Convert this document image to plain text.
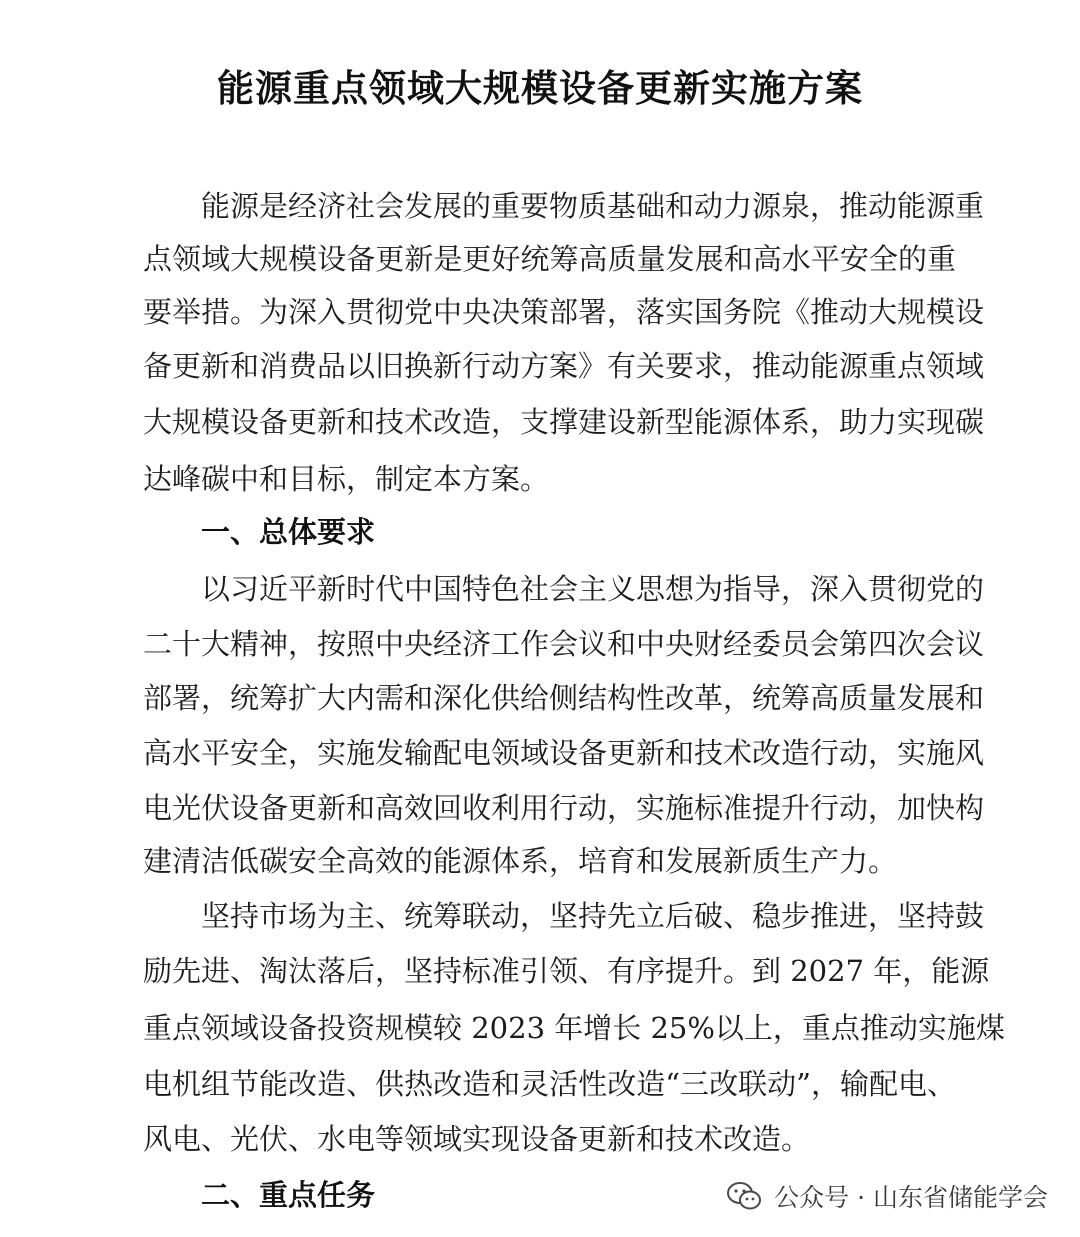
能源重点领域大规模设备更新实施方案
能源是经济社会发展的重要物质基础和动力源泉，推动能源重
点领域大规模设备更新是更好统筹高质量发展和高水平安全的重
要举措。为深入贯彻党中央决策部署，落实国务院《推动大规模设
备更新和消费品以旧换新行动方案》有关要求，推动能源重点领域
大规模设备更新和技术改造，支撑建设新型能源体系，助力实现碳
达峰碳中和目标，制定本方案。
一、总体要求
以习近平新时代中国特色社会主义思想为指导，深入贯彻党的
二十大精神，按照中央经济工作会议和中央财经委员会第四次会议
部署，统筹扩大内需和深化供给侧结构性改革，统筹高质量发展和
高水平安全，实施发输配电领域设备更新和技术改造行动，实施风
电光伏设备更新和高效回收利用行动，实施标准提升行动，加快构
建清洁低碳安全高效的能源体系，培育和发展新质生产力。
坚持市场为主、统筹联动，坚持先立后破、稳步推进，坚持鼓
励先进、淘汰落后，坚持标准引领、有序提升。到 2027 年，能源
重点领域设备投资规模较 2023 年增长 25%以上，重点推动实施煤
电机组节能改造、供热改造和灵活性改造“三改联动”，输配电、
风电、光伏、水电等领域实现设备更新和技术改造。
二、重点任务	公众号 · 山东省储能学会
